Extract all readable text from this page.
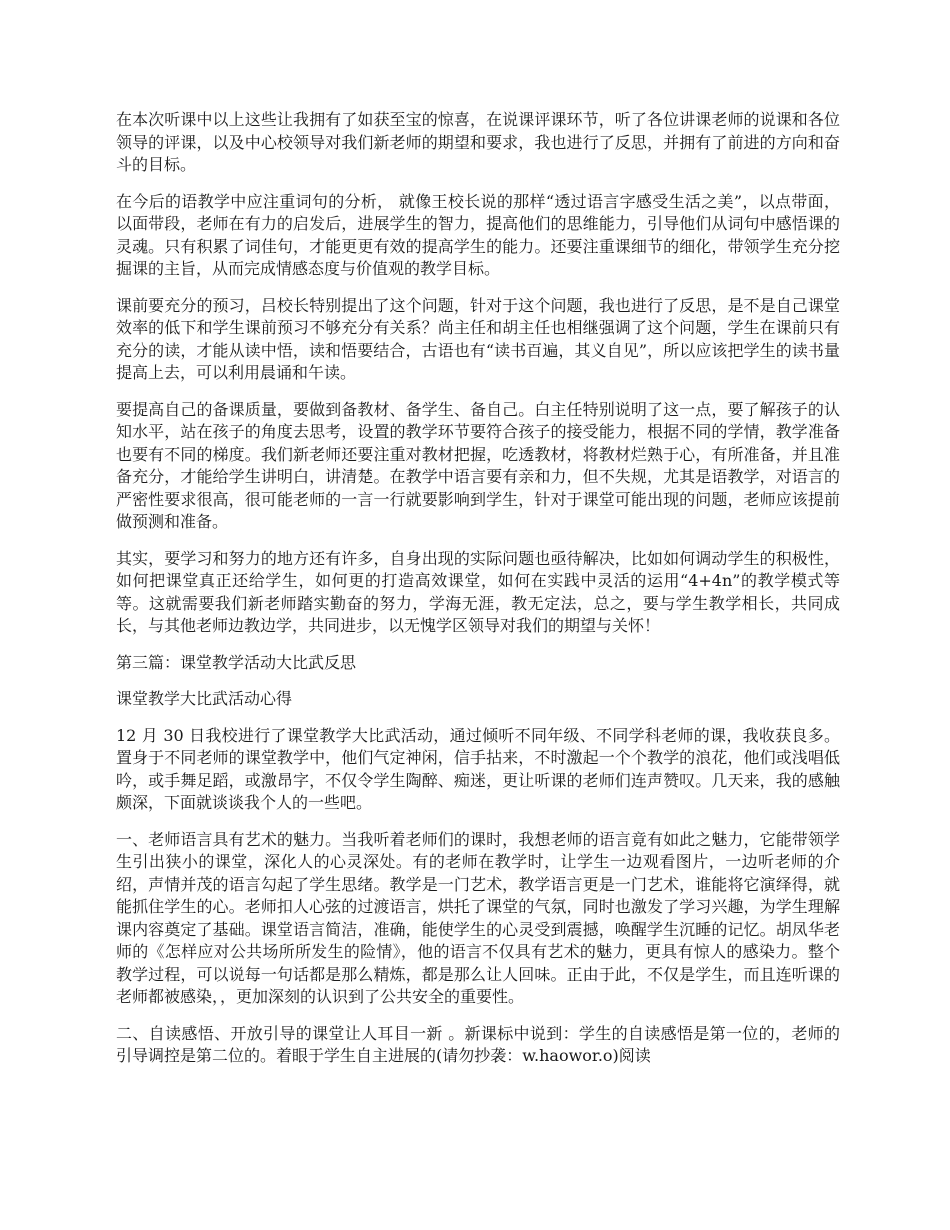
在本次听课中以上这些让我拥有了如获至宝的惊喜，在说课评课环节，听了各位讲课老师的说课和各位领导的评课，以及中心校领导对我们新老师的期望和要求，我也进行了反思，并拥有了前进的方向和奋斗的目标。

在今后的语教学中应注重词句的分析， 就像王校长说的那样“透过语言字感受生活之美”，以点带面，以面带段，老师在有力的启发后，进展学生的智力，提高他们的思维能力，引导他们从词句中感悟课的灵魂。只有积累了词佳句，才能更更有效的提高学生的能力。还要注重课细节的细化，带领学生充分挖掘课的主旨，从而完成情感态度与价值观的教学目标。

课前要充分的预习，吕校长特别提出了这个问题，针对于这个问题，我也进行了反思，是不是自己课堂效率的低下和学生课前预习不够充分有关系？尚主任和胡主任也相继强调了这个问题，学生在课前只有充分的读，才能从读中悟，读和悟要结合，古语也有“读书百遍，其义自见”，所以应该把学生的读书量提高上去，可以利用晨诵和午读。

要提高自己的备课质量，要做到备教材、备学生、备自己。白主任特别说明了这一点，要了解孩子的认知水平，站在孩子的角度去思考，设置的教学环节要符合孩子的接受能力，根据不同的学情，教学准备也要有不同的梯度。我们新老师还要注重对教材把握，吃透教材，将教材烂熟于心，有所准备，并且准备充分，才能给学生讲明白，讲清楚。在教学中语言要有亲和力，但不失规，尤其是语教学，对语言的严密性要求很高，很可能老师的一言一行就要影响到学生，针对于课堂可能出现的问题，老师应该提前做预测和准备。

其实，要学习和努力的地方还有许多，自身出现的实际问题也亟待解决，比如如何调动学生的积极性，如何把课堂真正还给学生，如何更的打造高效课堂，如何在实践中灵活的运用“4+4n”的教学模式等等。这就需要我们新老师踏实勤奋的努力，学海无涯，教无定法，总之，要与学生教学相长，共同成长，与其他老师边教边学，共同进步，以无愧学区领导对我们的期望与关怀！

第三篇：课堂教学活动大比武反思

课堂教学大比武活动心得

12 月 30 日我校进行了课堂教学大比武活动，通过倾听不同年级、不同学科老师的课，我收获良多。置身于不同老师的课堂教学中，他们气定神闲，信手拈来，不时激起一个个教学的浪花，他们或浅唱低吟，或手舞足蹈，或激昂字，不仅令学生陶醉、痴迷，更让听课的老师们连声赞叹。几天来，我的感触颇深，下面就谈谈我个人的一些吧。

一、老师语言具有艺术的魅力。当我听着老师们的课时，我想老师的语言竟有如此之魅力，它能带领学生引出狭小的课堂，深化人的心灵深处。有的老师在教学时，让学生一边观看图片，一边听老师的介绍，声情并茂的语言勾起了学生思绪。教学是一门艺术，教学语言更是一门艺术，谁能将它演绎得，就能抓住学生的心。老师扣人心弦的过渡语言，烘托了课堂的气氛，同时也激发了学习兴趣，为学生理解课内容奠定了基础。课堂语言简洁，准确，能使学生的心灵受到震撼，唤醒学生沉睡的记忆。胡凤华老师的《怎样应对公共场所所发生的险情》，他的语言不仅具有艺术的魅力，更具有惊人的感染力。整个教学过程，可以说每一句话都是那么精炼，都是那么让人回味。正由于此，不仅是学生，而且连听课的老师都被感染，，更加深刻的认识到了公共安全的重要性。

二、自读感悟、开放引导的课堂让人耳目一新 。新课标中说到：学生的自读感悟是第一位的，老师的引导调控是第二位的。着眼于学生自主进展的(请勿抄袭：w.haowor.o)阅读
